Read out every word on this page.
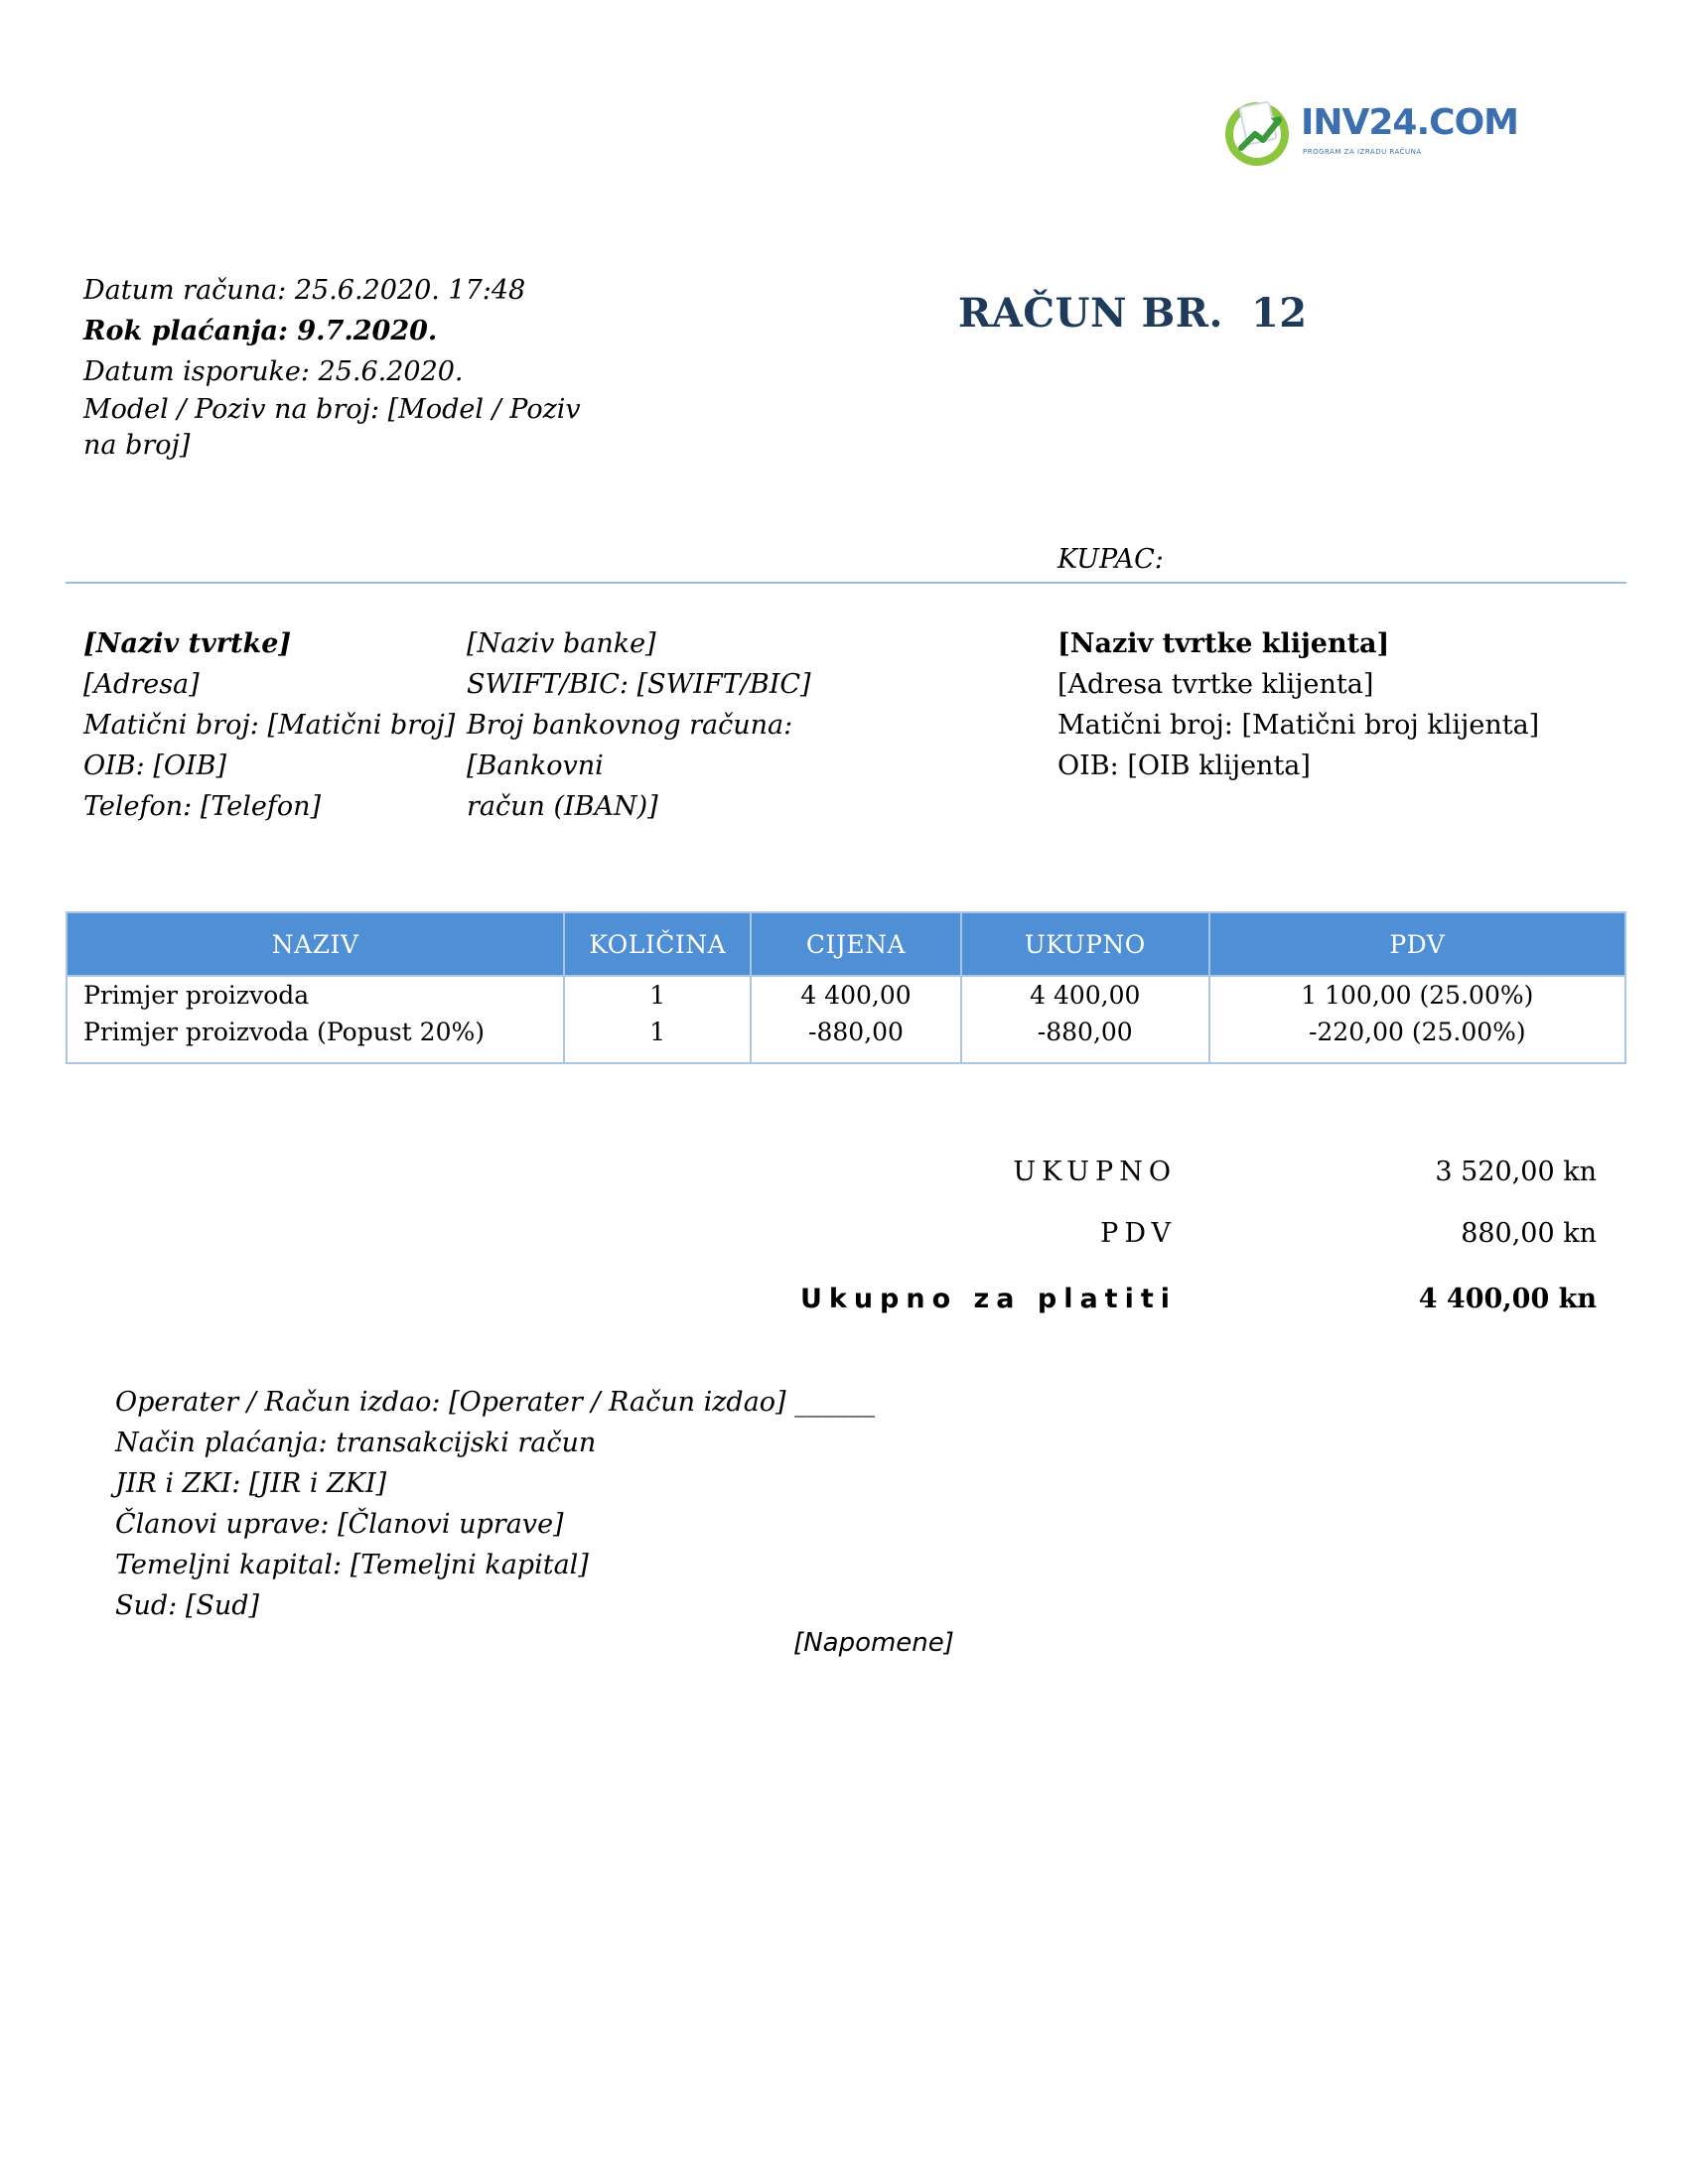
INV24.COM
PROGRAM ZA IZRADU RAČUNA
Datum računa: 25.6.2020. 17:48
Rok plaćanja: 9.7.2020.
Datum isporuke: 25.6.2020.
Model / Poziv na broj: [Model / Poziv
na broj]
RAČUN BR. 12
KUPAC:
[Naziv tvrtke]
[Adresa]
Matični broj: [Matični broj]
OIB: [OIB]
Telefon: [Telefon]
[Naziv banke]
SWIFT/BIC: [SWIFT/BIC]
Broj bankovnog računa: [Bankovni
račun (IBAN)]
[Naziv tvrtke klijenta]
[Adresa tvrtke klijenta]
Matični broj: [Matični broj klijenta]
OIB: [OIB klijenta]
NAZIV	KOLIČINA	CIJENA	UKUPNO	PDV
Primjer proizvoda	1	4 400,00	4 400,00	1 100,00 (25.00%)
Primjer proizvoda (Popust 20%)	1	-880,00	-880,00	-220,00 (25.00%)
UKUPNO	3 520,00 kn
PDV	880,00 kn
Ukupno za platiti	4 400,00 kn
Operater / Račun izdao: [Operater / Račun izdao] ______
Način plaćanja: transakcijski račun
JIR i ZKI: [JIR i ZKI]
Članovi uprave: [Članovi uprave]
Temeljni kapital: [Temeljni kapital]
Sud: [Sud]
[Napomene]
